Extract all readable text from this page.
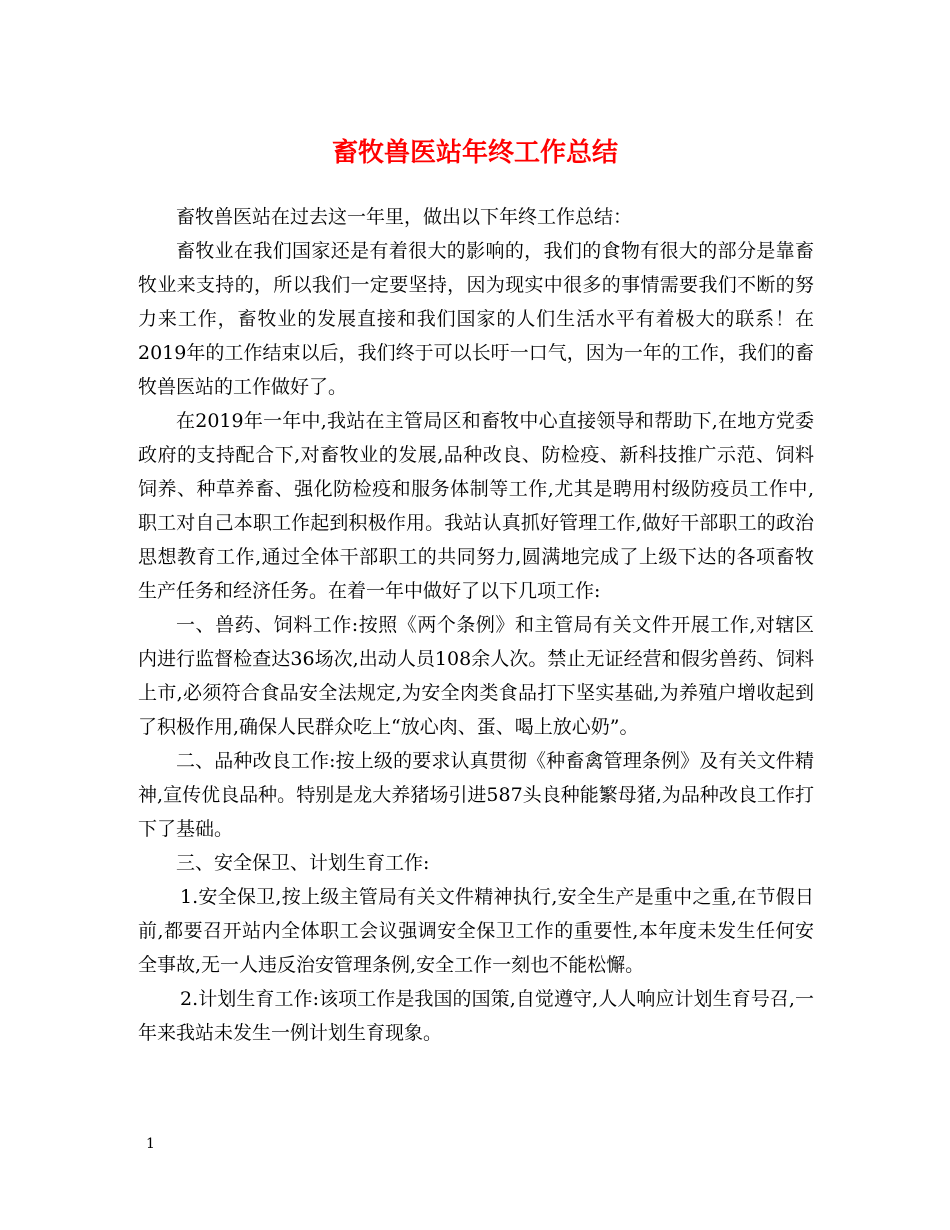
畜牧兽医站年终工作总结

畜牧兽医站在过去这一年里，做出以下年终工作总结：

畜牧业在我们国家还是有着很大的影响的，我们的食物有很大的部分是靠畜牧业来支持的，所以我们一定要坚持，因为现实中很多的事情需要我们不断的努力来工作，畜牧业的发展直接和我们国家的人们生活水平有着极大的联系！在2019年的工作结束以后，我们终于可以长吁一口气，因为一年的工作，我们的畜牧兽医站的工作做好了。

在2019年一年中,我站在主管局区和畜牧中心直接领导和帮助下,在地方党委政府的支持配合下,对畜牧业的发展,品种改良、防检疫、新科技推广示范、饲料饲养、种草养畜、强化防检疫和服务体制等工作,尤其是聘用村级防疫员工作中,职工对自己本职工作起到积极作用。我站认真抓好管理工作,做好干部职工的政治思想教育工作,通过全体干部职工的共同努力,圆满地完成了上级下达的各项畜牧生产任务和经济任务。在着一年中做好了以下几项工作:

一、兽药、饲料工作:按照《两个条例》和主管局有关文件开展工作,对辖区内进行监督检查达36场次,出动人员108余人次。禁止无证经营和假劣兽药、饲料上市,必须符合食品安全法规定,为安全肉类食品打下坚实基础,为养殖户增收起到了积极作用,确保人民群众吃上“放心肉、蛋、喝上放心奶”。

二、品种改良工作:按上级的要求认真贯彻《种畜禽管理条例》及有关文件精神,宣传优良品种。特别是龙大养猪场引进587头良种能繁母猪,为品种改良工作打下了基础。

三、安全保卫、计划生育工作:

1.安全保卫,按上级主管局有关文件精神执行,安全生产是重中之重,在节假日前,都要召开站内全体职工会议强调安全保卫工作的重要性,本年度未发生任何安全事故,无一人违反治安管理条例,安全工作一刻也不能松懈。

2.计划生育工作:该项工作是我国的国策,自觉遵守,人人响应计划生育号召,一年来我站未发生一例计划生育现象。

1
